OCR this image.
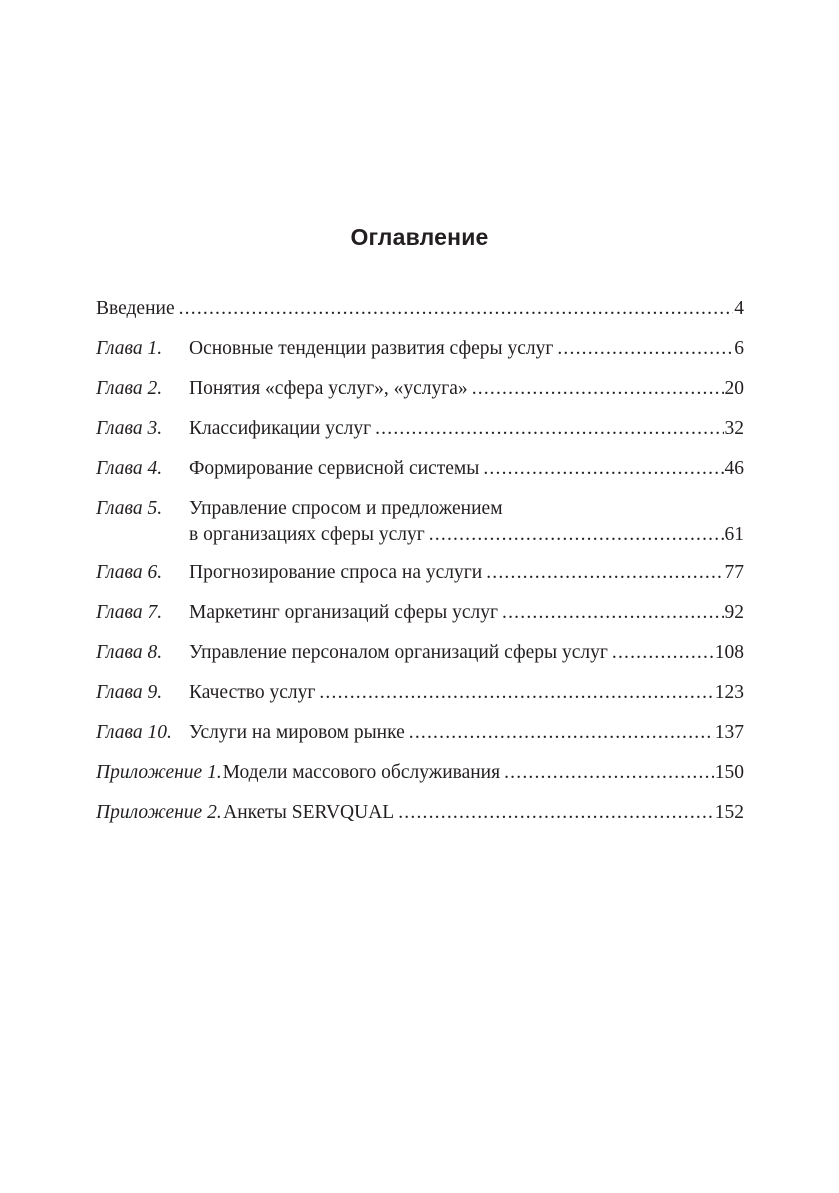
Оглавление
Введение .....	4
Глава 1.	Основные тенденции развития сферы услуг .....	6
Глава 2.	Понятия «сфера услуг», «услуга» .....	20
Глава 3.	Классификации услуг .....	32
Глава 4.	Формирование сервисной системы .....	46
Глава 5.	Управление спросом и предложением
в организациях сферы услуг .....	61
Глава 6.	Прогнозирование спроса на услуги .....	77
Глава 7.	Маркетинг организаций сферы услуг .....	92
Глава 8.	Управление персоналом организаций сферы услуг .....	108
Глава 9.	Качество услуг .....	123
Глава 10. Услуги на мировом рынке .....	137
Приложение 1. Модели массового обслуживания .....	150
Приложение 2. Анкеты SERVQUAL .....	152
